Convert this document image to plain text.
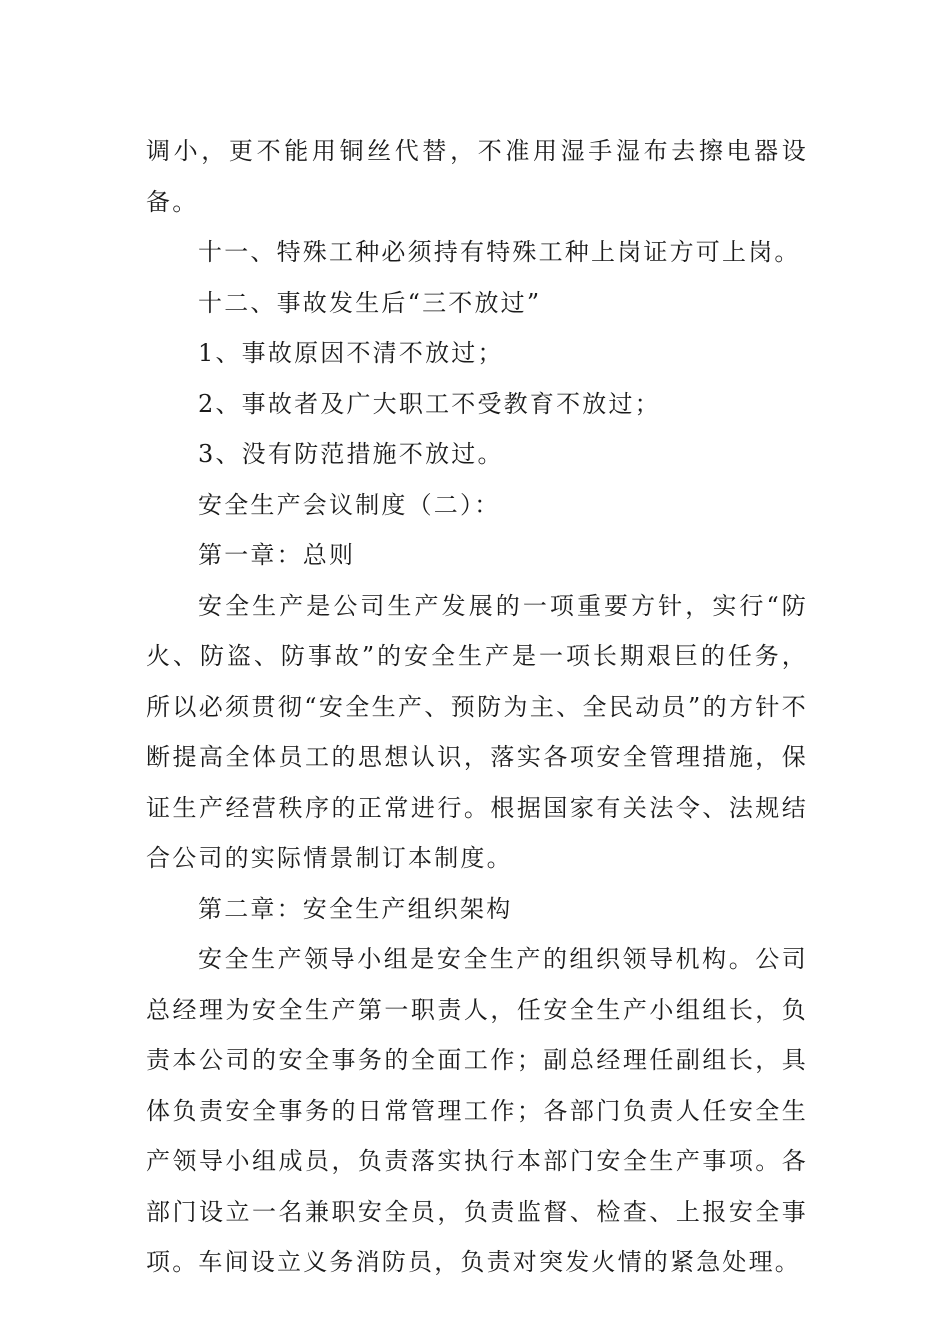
调小，更不能用铜丝代替，不准用湿手湿布去擦电器设备。

十一、特殊工种必须持有特殊工种上岗证方可上岗。

十二、事故发生后“三不放过”

1、事故原因不清不放过；

2、事故者及广大职工不受教育不放过；

3、没有防范措施不放过。

安全生产会议制度（二）：

第一章：总则

安全生产是公司生产发展的一项重要方针，实行“防火、防盗、防事故”的安全生产是一项长期艰巨的任务，所以必须贯彻“安全生产、预防为主、全民动员”的方针不断提高全体员工的思想认识，落实各项安全管理措施，保证生产经营秩序的正常进行。根据国家有关法令、法规结合公司的实际情景制订本制度。

第二章：安全生产组织架构

安全生产领导小组是安全生产的组织领导机构。公司总经理为安全生产第一职责人，任安全生产小组组长，负责本公司的安全事务的全面工作；副总经理任副组长，具体负责安全事务的日常管理工作；各部门负责人任安全生产领导小组成员，负责落实执行本部门安全生产事项。各部门设立一名兼职安全员，负责监督、检查、上报安全事项。车间设立义务消防员，负责对突发火情的紧急处理。
